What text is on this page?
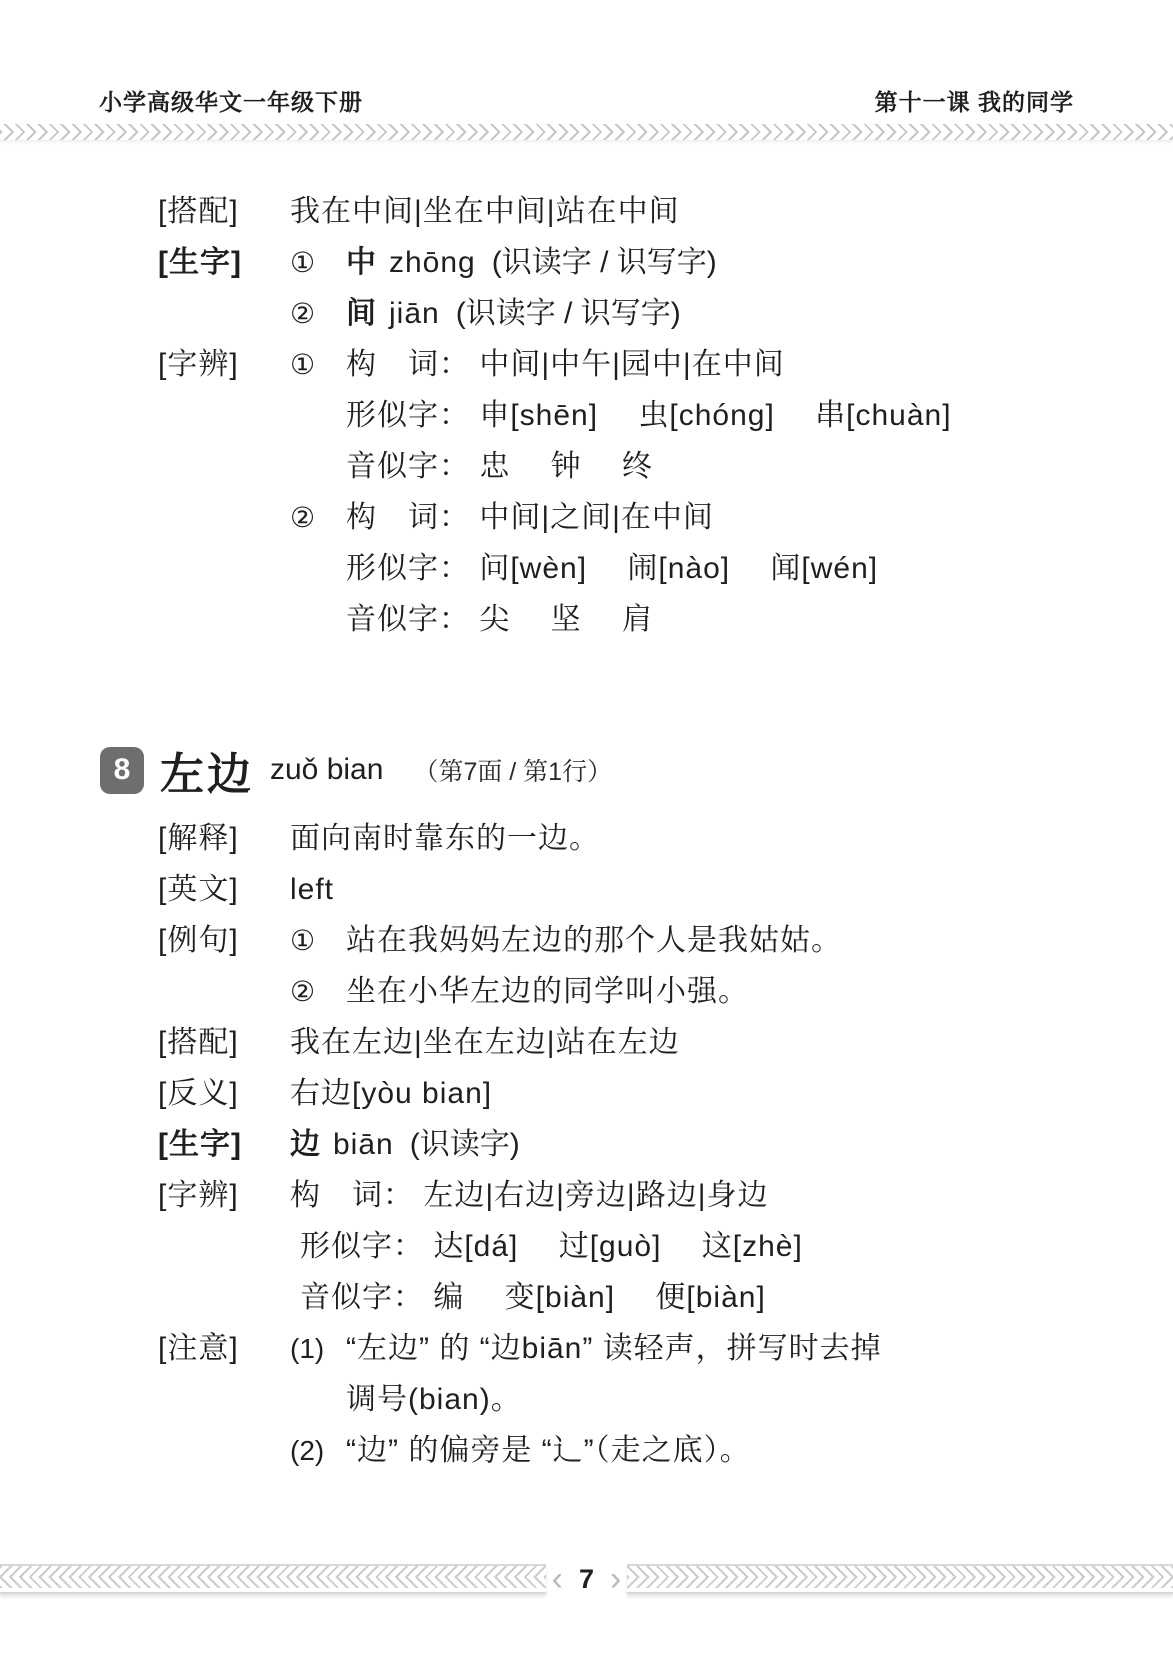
小学高级华文一年级下册	第十一课 我的同学
[搭配]	我在中间|坐在中间|站在中间
[生字]	①	中 zhōng (识读字 / 识写字)
②	间 jiān (识读字 / 识写字)
[字辨]	①	构　词： 中间|中午|园中|在中间
形似字： 申[shēn]　 虫[chóng]　 串[chuàn]
音似字： 忠　 钟　 终
②	构　词： 中间|之间|在中间
形似字： 问[wèn]　 闹[nào]　 闻[wén]
音似字： 尖　 坚　 肩
8 左边 zuǒ bian （第7面 / 第1行）
[解释]	面向南时靠东的一边。
[英文]	left
[例句]	①	站在我妈妈左边的那个人是我姑姑。
②	坐在小华左边的同学叫小强。
[搭配]	我在左边|坐在左边|站在左边
[反义]	右边[yòu bian]
[生字]	边 biān (识读字)
[字辨]	构　词： 左边|右边|旁边|路边|身边
形似字： 达[dá]　 过[guò]　 这[zhè]
音似字： 编　 变[biàn]　 便[biàn]
[注意]	(1) “左边” 的 “边biān” 读轻声，拼写时去掉
调号(bian)。
(2) “边” 的偏旁是 “辶”（走之底）。
‹ 7 ›
